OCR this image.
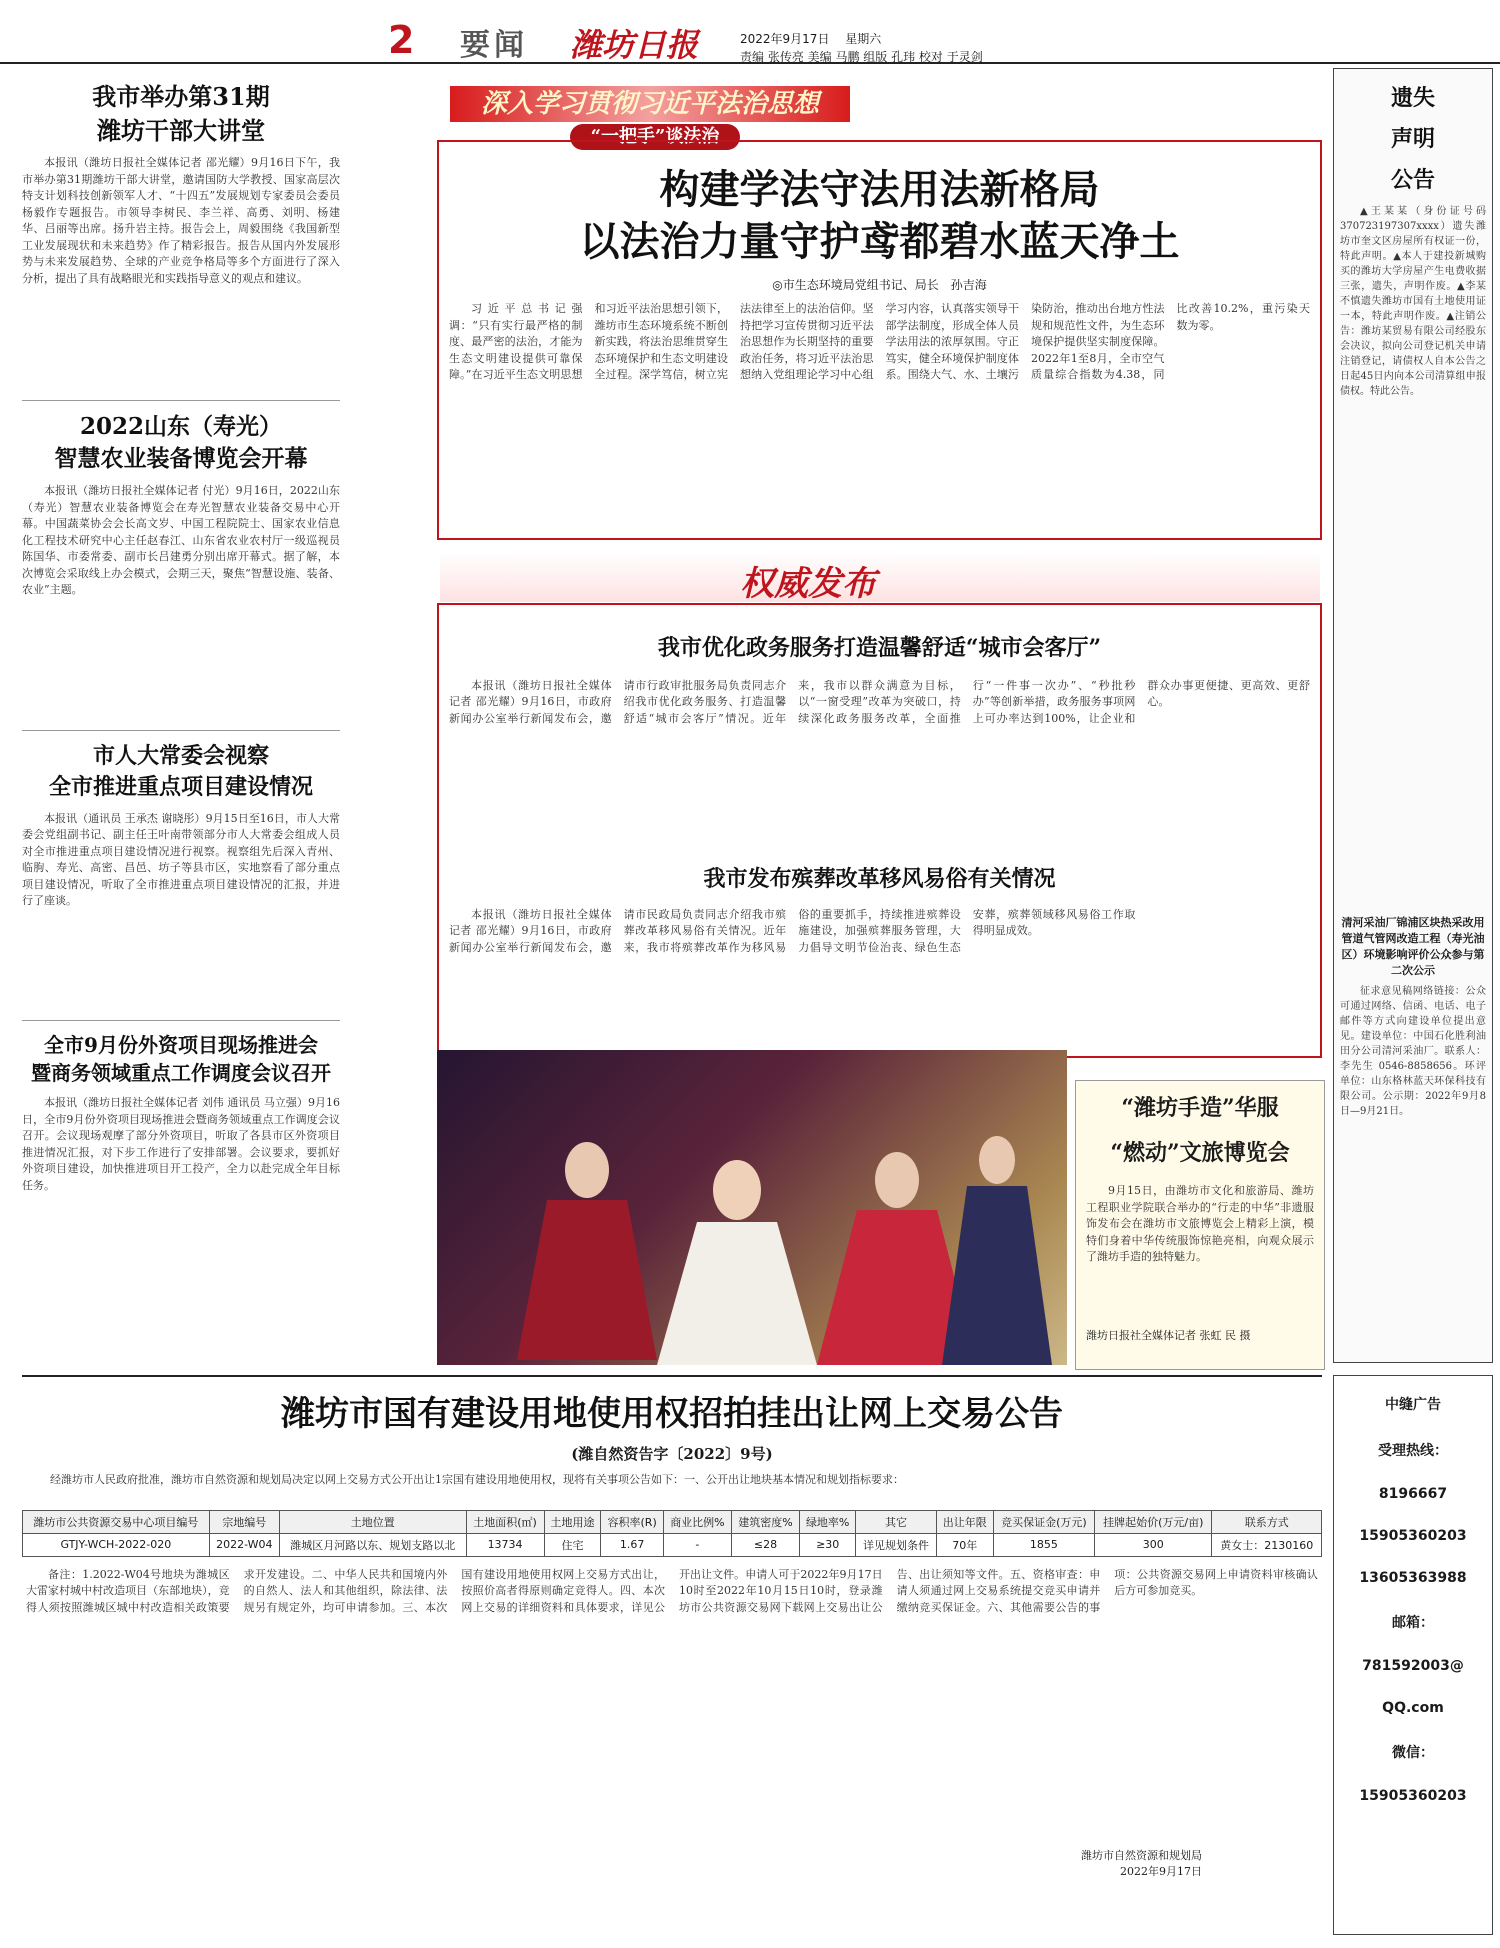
2 要闻 潍坊日报	2022年9月17日　 星期六
责编 张传亮 美编 马鹏 组版 孔玮 校对 于灵剑
我市举办第31期
潍坊干部大讲堂

本报讯（潍坊日报社全媒体记者 邵光耀）9月16日下午，我市举办第31期潍坊干部大讲堂，邀请国防大学教授、国家高层次特支计划科技创新领军人才、“十四五”发展规划专家委员会委员杨毅作专题报告。市领导李树民、李兰祥、高勇、刘明、杨建华、吕丽等出席。扬升岩主持。报告会上，周毅围绕《我国新型工业发展现状和未来趋势》作了精彩报告。报告从国内外发展形势与未来发展趋势、全球的产业竞争格局等多个方面进行了深入分析，提出了具有战略眼光和实践指导意义的观点和建议。

2022山东（寿光）
智慧农业装备博览会开幕

本报讯（潍坊日报社全媒体记者 付光）9月16日，2022山东（寿光）智慧农业装备博览会在寿光智慧农业装备交易中心开幕。中国蔬菜协会会长高文岁、中国工程院院士、国家农业信息化工程技术研究中心主任赵春江、山东省农业农村厅一级巡视员陈国华、市委常委、副市长吕建勇分别出席开幕式。据了解，本次博览会采取线上办会模式，会期三天，聚焦“智慧设施、装备、农业”主题。

市人大常委会视察
全市推进重点项目建设情况

本报讯（通讯员 王承杰 谢晓彤）9月15日至16日，市人大常委会党组副书记、副主任王叶南带领部分市人大常委会组成人员对全市推进重点项目建设情况进行视察。视察组先后深入青州、临朐、寿光、高密、昌邑、坊子等县市区，实地察看了部分重点项目建设情况，听取了全市推进重点项目建设情况的汇报，并进行了座谈。

全市9月份外资项目现场推进会
暨商务领域重点工作调度会议召开

本报讯（潍坊日报社全媒体记者 刘伟 通讯员 马立强）9月16日，全市9月份外资项目现场推进会暨商务领域重点工作调度会议召开。会议现场观摩了部分外资项目，听取了各县市区外资项目推进情况汇报，对下步工作进行了安排部署。会议要求，要抓好外资项目建设，加快推进项目开工投产，全力以赴完成全年目标任务。

深入学习贯彻习近平法治思想
“一把手”谈法治
构建学法守法用法新格局
以法治力量守护鸢都碧水蓝天净土
◎市生态环境局党组书记、局长　孙吉海

习近平总书记强调：“只有实行最严格的制度、最严密的法治，才能为生态文明建设提供可靠保障。”在习近平生态文明思想和习近平法治思想引领下，潍坊市生态环境系统不断创新实践，将法治思维贯穿生态环境保护和生态文明建设全过程。深学笃信，树立宪法法律至上的法治信仰。坚持把学习宣传贯彻习近平法治思想作为长期坚持的重要政治任务，将习近平法治思想纳入党组理论学习中心组学习内容，认真落实领导干部学法制度，形成全体人员学法用法的浓厚氛围。守正笃实，健全环境保护制度体系。围绕大气、水、土壤污染防治，推动出台地方性法规和规范性文件，为生态环境保护提供坚实制度保障。2022年1至8月，全市空气质量综合指数为4.38，同比改善10.2%，重污染天数为零。

权威发布
我市优化政务服务打造温馨舒适“城市会客厅”

本报讯（潍坊日报社全媒体记者 邵光耀）9月16日，市政府新闻办公室举行新闻发布会，邀请市行政审批服务局负责同志介绍我市优化政务服务、打造温馨舒适“城市会客厅”情况。近年来，我市以群众满意为目标，以“一窗受理”改革为突破口，持续深化政务服务改革，全面推行“一件事一次办”、“秒批秒办”等创新举措，政务服务事项网上可办率达到100%，让企业和群众办事更便捷、更高效、更舒心。

我市发布殡葬改革移风易俗有关情况

本报讯（潍坊日报社全媒体记者 邵光耀）9月16日，市政府新闻办公室举行新闻发布会，邀请市民政局负责同志介绍我市殡葬改革移风易俗有关情况。近年来，我市将殡葬改革作为移风易俗的重要抓手，持续推进殡葬设施建设，加强殡葬服务管理，大力倡导文明节俭治丧、绿色生态安葬，殡葬领域移风易俗工作取得明显成效。

“潍坊手造”华服
“燃动”文旅博览会

9月15日，由潍坊市文化和旅游局、潍坊工程职业学院联合举办的“行走的中华”非遗服饰发布会在潍坊市文旅博览会上精彩上演，模特们身着中华传统服饰惊艳亮相，向观众展示了潍坊手造的独特魅力。

潍坊日报社全媒体记者 张虹 民 摄
遗失
声明
公告

▲王某某（身份证号码370723197307xxxx）遗失潍坊市奎文区房屋所有权证一份，特此声明。▲本人于建投新城购买的潍坊大学房屋产生电费收据三张，遗失，声明作废。▲李某不慎遗失潍坊市国有土地使用证一本，特此声明作废。▲注销公告：潍坊某贸易有限公司经股东会决议，拟向公司登记机关申请注销登记，请债权人自本公告之日起45日内向本公司清算组申报债权。特此公告。

清河采油厂锦浦区块热采改用管道气管网改造工程（寿光油区）环境影响评价公众参与第二次公示

征求意见稿网络链接：公众可通过网络、信函、电话、电子邮件等方式向建设单位提出意见。建设单位：中国石化胜利油田分公司清河采油厂。联系人：李先生 0546-8858656。环评单位：山东格林蓝天环保科技有限公司。公示期：2022年9月8日—9月21日。

中缝广告
受理热线：
8196667
15905360203
13605363988
邮箱：
781592003@
QQ.com
微信：
15905360203
潍坊市国有建设用地使用权招拍挂出让网上交易公告
(潍自然资告字〔2022〕9号)

经潍坊市人民政府批准，潍坊市自然资源和规划局决定以网上交易方式公开出让1宗国有建设用地使用权，现将有关事项公告如下：一、公开出让地块基本情况和规划指标要求：

潍坊市公共资源交易中心项目编号	宗地编号	土地位置	土地面积(㎡)	土地用途	容积率(R)	商业比例%	建筑密度%	绿地率%	其它	出让年限	竞买保证金(万元)	挂牌起始价(万元/亩)	联系方式
GTJY-WCH-2022-020	2022-W04	潍城区月河路以东、规划支路以北	13734	住宅	1.67	-	≤28	≥30	详见规划条件	70年	1855	300	黄女士：2130160

备注：1.2022-W04号地块为潍城区大雷家村城中村改造项目（东部地块），竞得人须按照潍城区城中村改造相关政策要求开发建设。二、中华人民共和国境内外的自然人、法人和其他组织，除法律、法规另有规定外，均可申请参加。三、本次国有建设用地使用权网上交易方式出让，按照价高者得原则确定竞得人。四、本次网上交易的详细资料和具体要求，详见公开出让文件。申请人可于2022年9月17日10时至2022年10月15日10时，登录潍坊市公共资源交易网下载网上交易出让公告、出让须知等文件。五、资格审查：申请人须通过网上交易系统提交竞买申请并缴纳竞买保证金。六、其他需要公告的事项：公共资源交易网上申请资料审核确认后方可参加竞买。

潍坊市自然资源和规划局
2022年9月17日
